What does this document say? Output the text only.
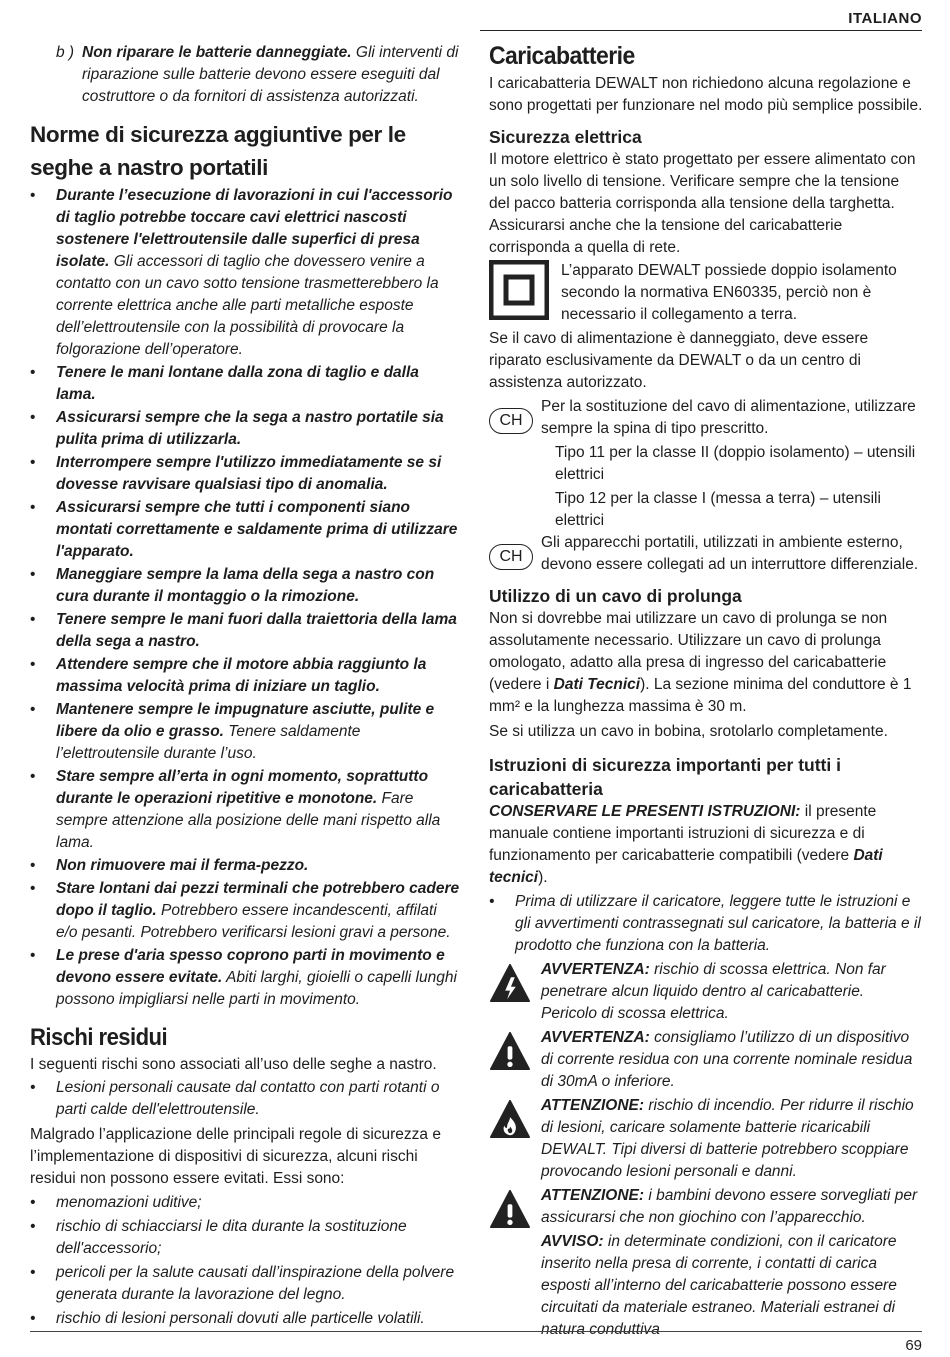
ITALIANO
b ) Non riparare le batterie danneggiate. Gli interventi di riparazione sulle batterie devono essere eseguiti dal costruttore o da fornitori di assistenza autorizzati.
Norme di sicurezza aggiuntive per le seghe a nastro portatili
• Durante l’esecuzione di lavorazioni in cui l'accessorio di taglio potrebbe toccare cavi elettrici nascosti sostenere l'elettroutensile dalle superfici di presa isolate. Gli accessori di taglio che dovessero venire a contatto con un cavo sotto tensione trasmetterebbero la corrente elettrica anche alle parti metalliche esposte dell’elettroutensile con la possibilità di provocare la folgorazione dell’operatore.
• Tenere le mani lontane dalla zona di taglio e dalla lama.
• Assicurarsi sempre che la sega a nastro portatile sia pulita prima di utilizzarla.
• Interrompere sempre l'utilizzo immediatamente se si dovesse ravvisare qualsiasi tipo di anomalia.
• Assicurarsi sempre che tutti i componenti siano montati correttamente e saldamente prima di utilizzare l'apparato.
• Maneggiare sempre la lama della sega a nastro con cura durante il montaggio o la rimozione.
• Tenere sempre le mani fuori dalla traiettoria della lama della sega a nastro.
• Attendere sempre che il motore abbia raggiunto la massima velocità prima di iniziare un taglio.
• Mantenere sempre le impugnature asciutte, pulite e libere da olio e grasso. Tenere saldamente l’elettroutensile durante l’uso.
• Stare sempre all’erta in ogni momento, soprattutto durante le operazioni ripetitive e monotone. Fare sempre attenzione alla posizione delle mani rispetto alla lama.
• Non rimuovere mai il ferma-pezzo.
• Stare lontani dai pezzi terminali che potrebbero cadere dopo il taglio. Potrebbero essere incandescenti, affilati e/o pesanti. Potrebbero verificarsi lesioni gravi a persone.
• Le prese d'aria spesso coprono parti in movimento e devono essere evitate. Abiti larghi, gioielli o capelli lunghi possono impigliarsi nelle parti in movimento.
Rischi residui

I seguenti rischi sono associati all’uso delle seghe a nastro.

• Lesioni personali causate dal contatto con parti rotanti o parti calde dell'elettroutensile.

Malgrado l’applicazione delle principali regole di sicurezza e l’implementazione di dispositivi di sicurezza, alcuni rischi residui non possono essere evitati. Essi sono:

• menomazioni uditive;
• rischio di schiacciarsi le dita durante la sostituzione dell'accessorio;
• pericoli per la salute causati dall’inspirazione della polvere generata durante la lavorazione del legno.
• rischio di lesioni personali dovuti alle particelle volatili.
Caricabatterie

I caricabatteria DEWALT non richiedono alcuna regolazione e sono progettati per funzionare nel modo più semplice possibile.

Sicurezza elettrica

Il motore elettrico è stato progettato per essere alimentato con un solo livello di tensione. Verificare sempre che la tensione del pacco batteria corrisponda alla tensione della targhetta. Assicurarsi anche che la tensione del caricabatterie corrisponda a quella di rete.

L’apparato DEWALT possiede doppio isolamento secondo la normativa EN60335, perciò non è necessario il collegamento a terra.

Se il cavo di alimentazione è danneggiato, deve essere riparato esclusivamente da DEWALT o da un centro di assistenza autorizzato.

CH
Per la sostituzione del cavo di alimentazione, utilizzare sempre la spina di tipo prescritto.

Tipo 11 per la classe II (doppio isolamento) – utensili elettrici

Tipo 12 per la classe I (messa a terra) – utensili elettrici

CH
Gli apparecchi portatili, utilizzati in ambiente esterno, devono essere collegati ad un interruttore differenziale.
Utilizzo di un cavo di prolunga

Non si dovrebbe mai utilizzare un cavo di prolunga se non assolutamente necessario. Utilizzare un cavo di prolunga omologato, adatto alla presa di ingresso del caricabatterie (vedere i Dati Tecnici). La sezione minima del conduttore è 1 mm² e la lunghezza massima è 30 m.

Se si utilizza un cavo in bobina, srotolarlo completamente.

Istruzioni di sicurezza importanti per tutti i caricabatteria

CONSERVARE LE PRESENTI ISTRUZIONI: il presente manuale contiene importanti istruzioni di sicurezza e di funzionamento per caricabatterie compatibili (vedere Dati tecnici).

• Prima di utilizzare il caricatore, leggere tutte le istruzioni e gli avvertimenti contrassegnati sul caricatore, la batteria e il prodotto che funziona con la batteria.
AVVERTENZA: rischio di scossa elettrica. Non far penetrare alcun liquido dentro al caricabatterie. Pericolo di scossa elettrica.
AVVERTENZA: consigliamo l’utilizzo di un dispositivo di corrente residua con una corrente nominale residua di 30mA o inferiore.
ATTENZIONE: rischio di incendio. Per ridurre il rischio di lesioni, caricare solamente batterie ricaricabili DEWALT. Tipi diversi di batterie potrebbero scoppiare provocando lesioni personali e danni.
ATTENZIONE: i bambini devono essere sorvegliati per assicurarsi che non giochino con l’apparecchio.

AVVISO: in determinate condizioni, con il caricatore inserito nella presa di corrente, i contatti di carica esposti all’interno del caricabatterie possono essere circuitati da materiale estraneo. Materiali estranei di natura conduttiva

69
